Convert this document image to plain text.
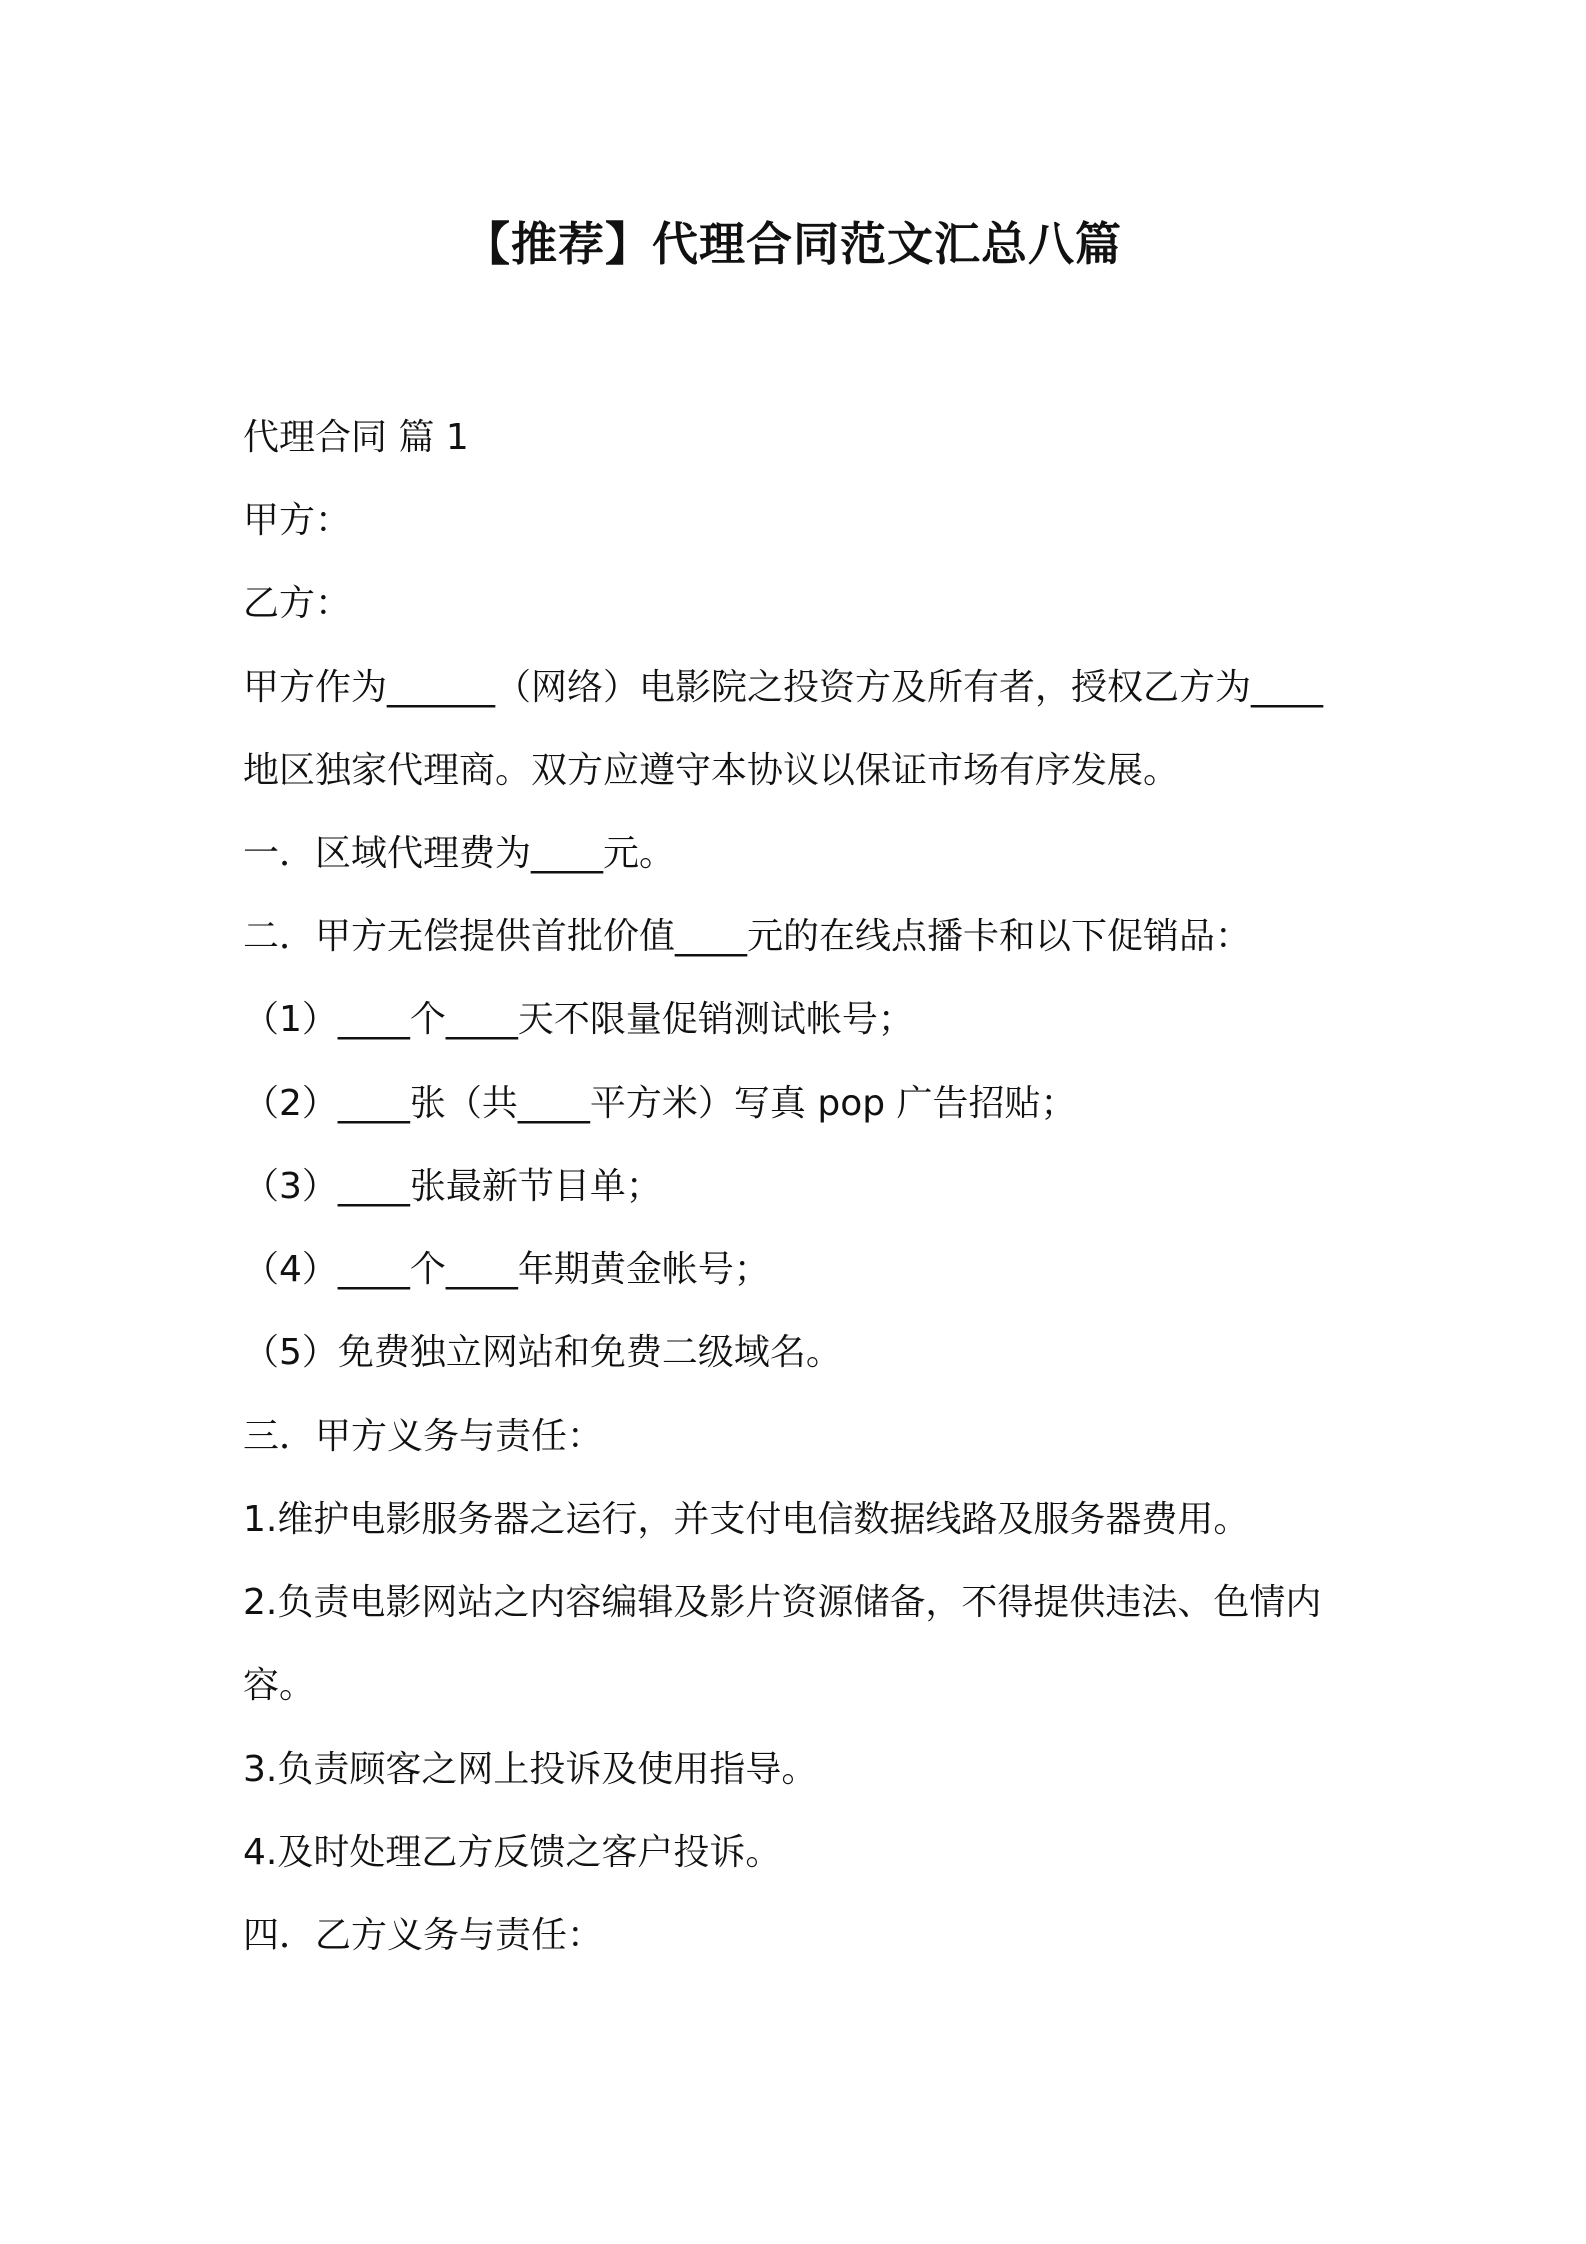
【推荐】代理合同范文汇总八篇

代理合同 篇 1

甲方：

乙方：

甲方作为______（网络）电影院之投资方及所有者，授权乙方为____

地区独家代理商。双方应遵守本协议以保证市场有序发展。

一．区域代理费为____元。

二．甲方无偿提供首批价值____元的在线点播卡和以下促销品：

（1）____个____天不限量促销测试帐号；

（2）____张（共____平方米）写真 pop 广告招贴；

（3）____张最新节目单；

（4）____个____年期黄金帐号；

（5）免费独立网站和免费二级域名。

三．甲方义务与责任：

1.维护电影服务器之运行，并支付电信数据线路及服务器费用。

2.负责电影网站之内容编辑及影片资源储备，不得提供违法、色情内

容。

3.负责顾客之网上投诉及使用指导。

4.及时处理乙方反馈之客户投诉。

四．乙方义务与责任：
